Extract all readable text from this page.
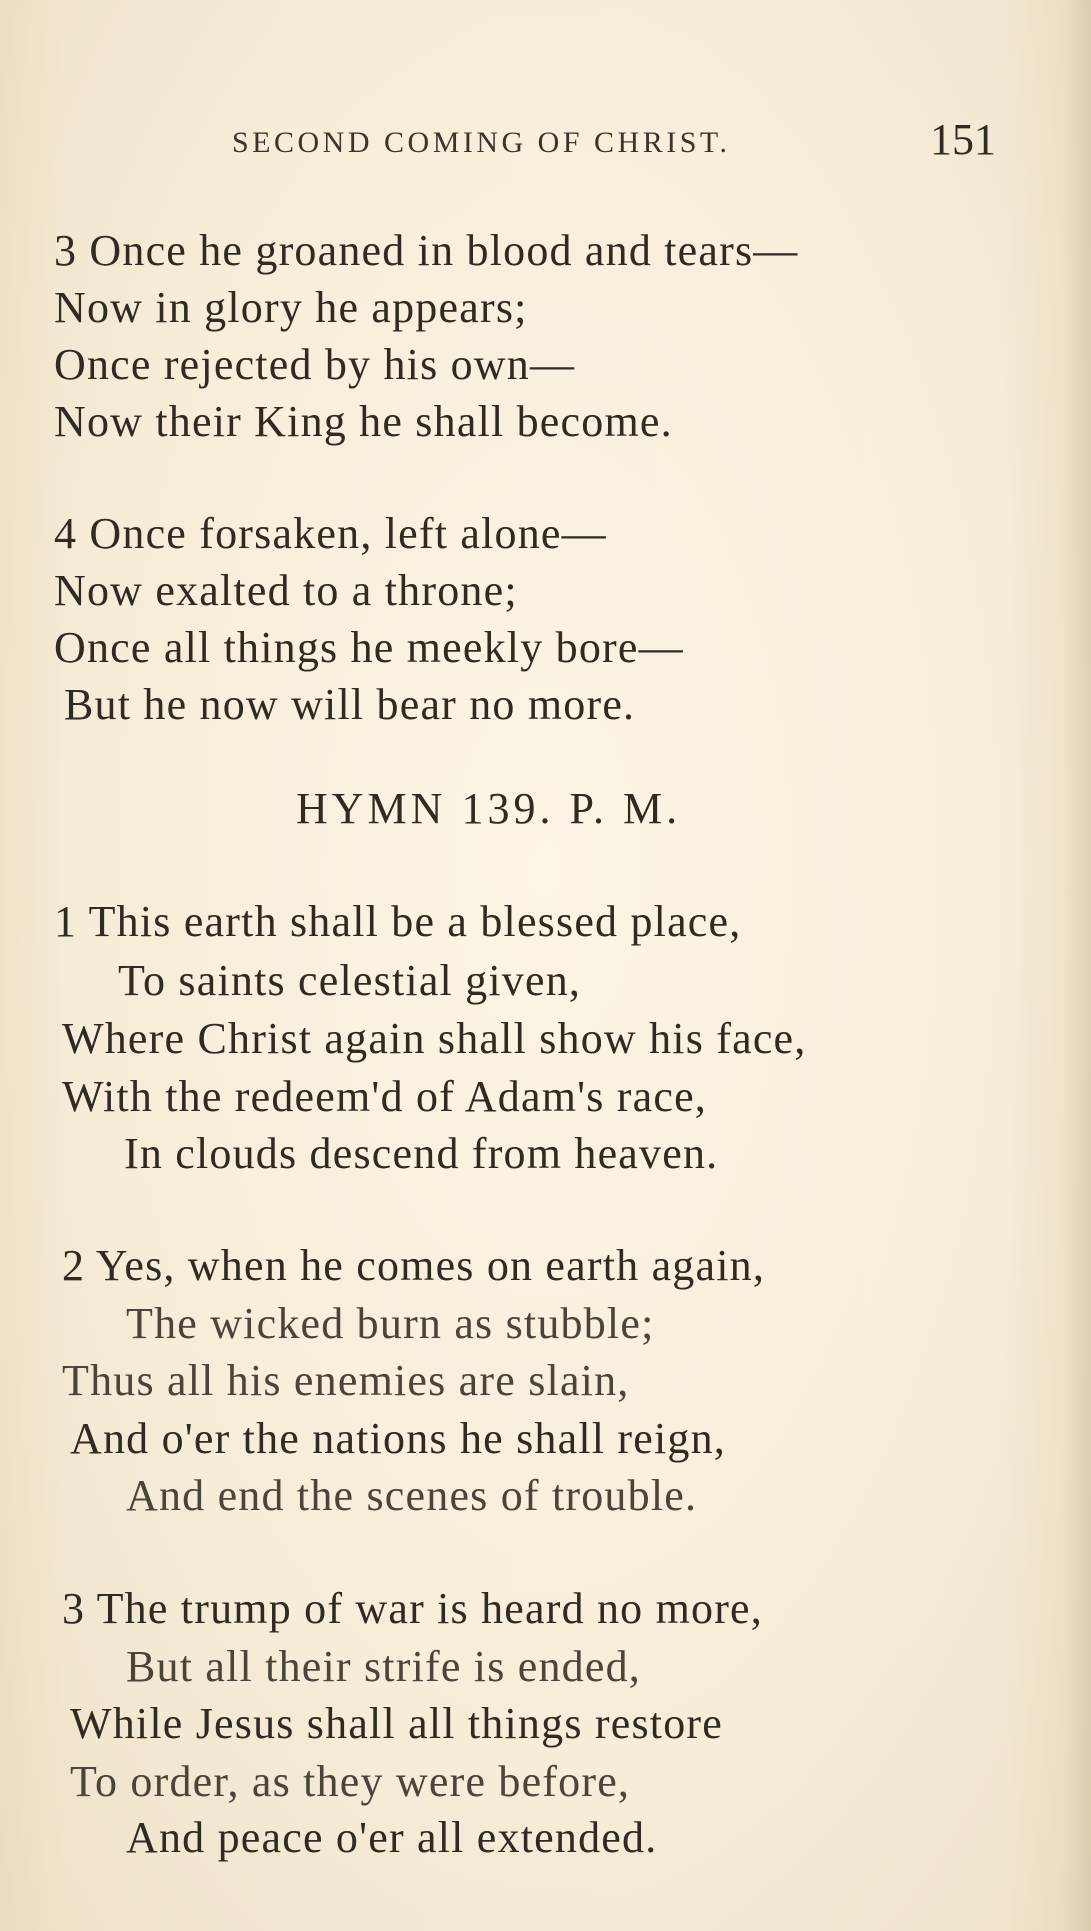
SECOND COMING OF CHRIST.	151
3 Once he groaned in blood and tears—
Now in glory he appears;
Once rejected by his own—
Now their King he shall become.
4 Once forsaken, left alone—
Now exalted to a throne;
Once all things he meekly bore—
But he now will bear no more.
HYMN 139. P. M.
1 This earth shall be a blessed place,
To saints celestial given,
Where Christ again shall show his face,
With the redeem'd of Adam's race,
In clouds descend from heaven.
2 Yes, when he comes on earth again,
The wicked burn as stubble;
Thus all his enemies are slain,
And o'er the nations he shall reign,
And end the scenes of trouble.
3 The trump of war is heard no more,
But all their strife is ended,
While Jesus shall all things restore
To order, as they were before,
And peace o'er all extended.
